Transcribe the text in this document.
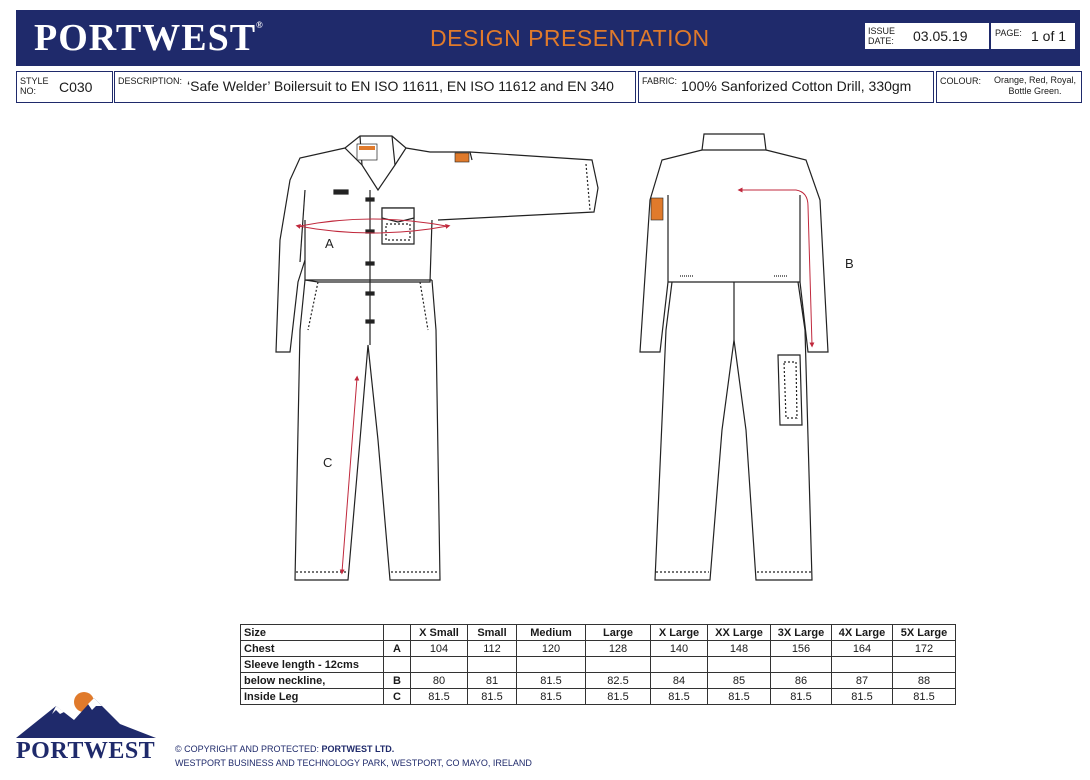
PORTWEST®	DESIGN PRESENTATION	ISSUE
DATE: 03.05.19	PAGE: 1 of 1
STYLE
NO: C030	DESCRIPTION: ‘Safe Welder’ Boilersuit to EN ISO 11611, EN ISO 11612 and EN 340	FABRIC: 100% Sanforized Cotton Drill, 330gm	COLOUR:	Orange, Red, Royal,
Bottle Green.
A
B
C
Size		X Small	Small	Medium	Large	X Large	XX Large	3X Large	4X Large	5X Large
Chest	A	104	112	120	128	140	148	156	164	172
Sleeve length - 12cms										
below neckline,	B	80	81	81.5	82.5	84	85	86	87	88
Inside Leg	C	81.5	81.5	81.5	81.5	81.5	81.5	81.5	81.5	81.5
PORTWEST © COPYRIGHT AND PROTECTED: PORTWEST LTD.
WESTPORT BUSINESS AND TECHNOLOGY PARK, WESTPORT, CO MAYO, IRELAND
